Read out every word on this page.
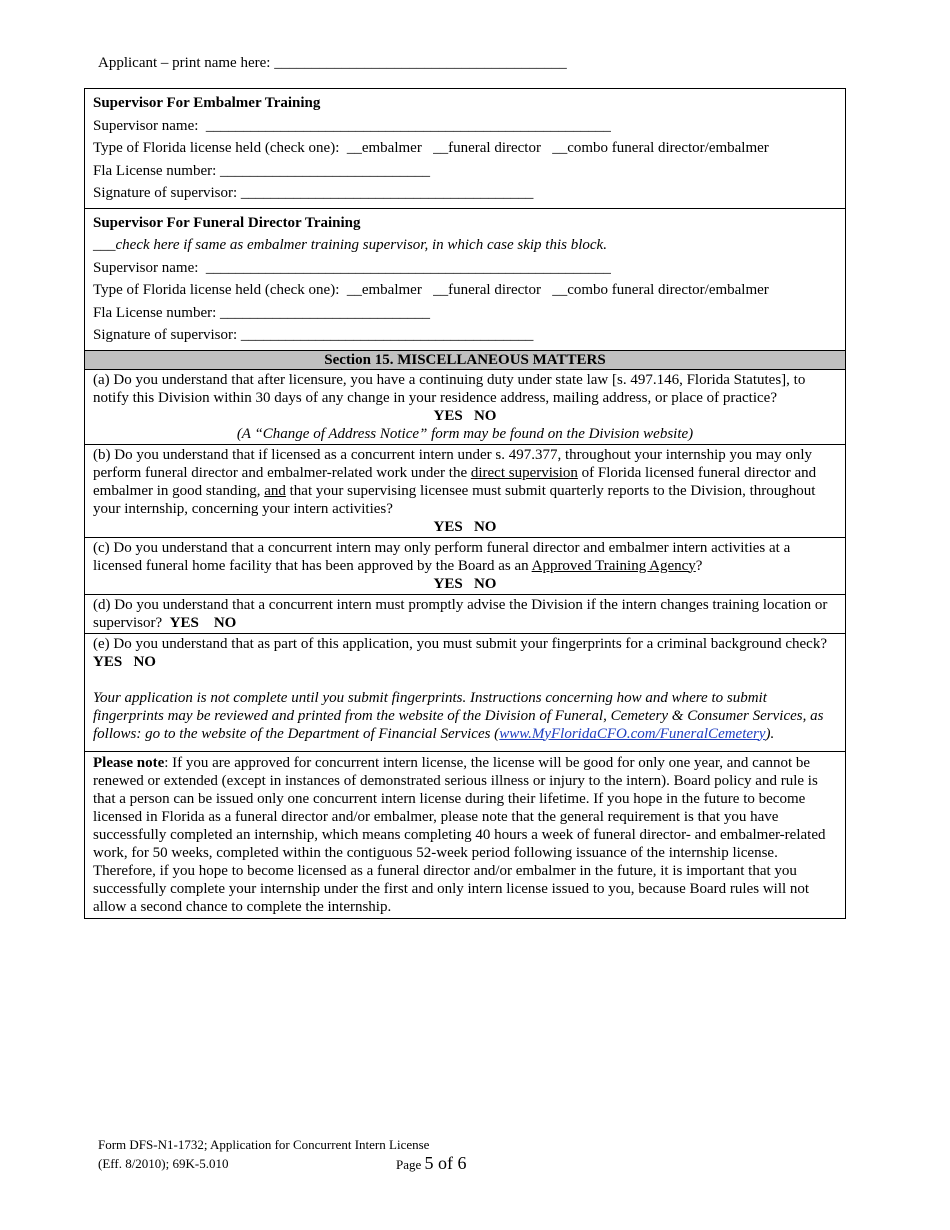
Applicant – print name here: _______________________________________
Supervisor For Embalmer Training
Supervisor name: ______________________________________________________
Type of Florida license held (check one): __embalmer __funeral director __combo funeral director/embalmer
Fla License number: ____________________________
Signature of supervisor: _______________________________________
Supervisor For Funeral Director Training
___check here if same as embalmer training supervisor, in which case skip this block.
Supervisor name: ______________________________________________________
Type of Florida license held (check one): __embalmer __funeral director __combo funeral director/embalmer
Fla License number: ____________________________
Signature of supervisor: _______________________________________
Section 15. MISCELLANEOUS MATTERS

(a) Do you understand that after licensure, you have a continuing duty under state law [s. 497.146, Florida Statutes], to notify this Division within 30 days of any change in your residence address, mailing address, or place of practice?

YES NO
(A “Change of Address Notice” form may be found on the Division website)

(b) Do you understand that if licensed as a concurrent intern under s. 497.377, throughout your internship you may only perform funeral director and embalmer-related work under the direct supervision of Florida licensed funeral director and embalmer in good standing, and that your supervising licensee must submit quarterly reports to the Division, throughout your internship, concerning your intern activities?

YES NO

(c) Do you understand that a concurrent intern may only perform funeral director and embalmer intern activities at a licensed funeral home facility that has been approved by the Board as an Approved Training Agency?

YES NO

(d) Do you understand that a concurrent intern must promptly advise the Division if the intern changes training location or supervisor? YES NO

(e) Do you understand that as part of this application, you must submit your fingerprints for a criminal background check?  YES NO

Your application is not complete until you submit fingerprints. Instructions concerning how and where to submit fingerprints may be reviewed and printed from the website of the Division of Funeral, Cemetery & Consumer Services, as follows: go to the website of the Department of Financial Services (www.MyFloridaCFO.com/FuneralCemetery).

Please note: If you are approved for concurrent intern license, the license will be good for only one year, and cannot be renewed or extended (except in instances of demonstrated serious illness or injury to the intern). Board policy and rule is that a person can be issued only one concurrent intern license during their lifetime. If you hope in the future to become licensed in Florida as a funeral director and/or embalmer, please note that the general requirement is that you have successfully completed an internship, which means completing 40 hours a week of funeral director- and embalmer-related work, for 50 weeks, completed within the contiguous 52-week period following issuance of the internship license. Therefore, if you hope to become licensed as a funeral director and/or embalmer in the future, it is important that you successfully complete your internship under the first and only intern license issued to you, because Board rules will not allow a second chance to complete the internship.
Form DFS-N1-1732; Application for Concurrent Intern License
(Eff. 8/2010); 69K-5.010	Page 5 of 6
